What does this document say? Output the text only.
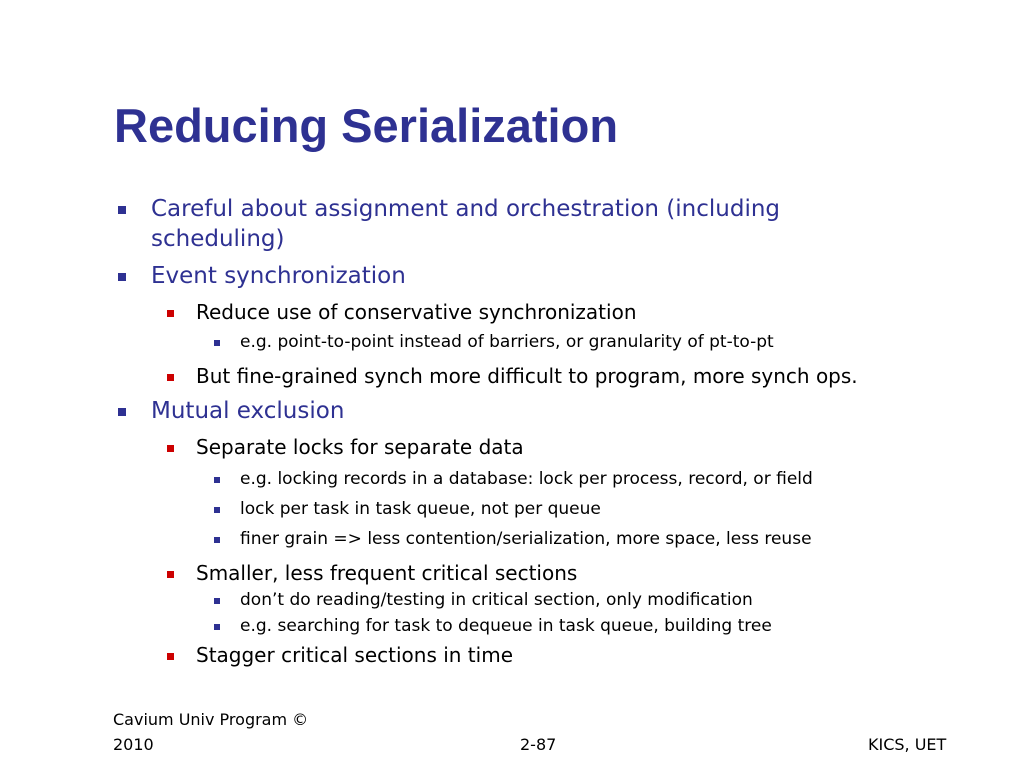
Reducing Serialization
Careful about assignment and orchestration (including
scheduling)
Event synchronization
Reduce use of conservative synchronization
e.g. point-to-point instead of barriers, or granularity of pt-to-pt
But fine-grained synch more difficult to program, more synch ops.
Mutual exclusion
Separate locks for separate data
e.g. locking records in a database: lock per process, record, or field
lock per task in task queue, not per queue
finer grain => less contention/serialization, more space, less reuse
Smaller, less frequent critical sections
don’t do reading/testing in critical section, only modification
e.g. searching for task to dequeue in task queue, building tree
Stagger critical sections in time
Cavium Univ Program ©
2010	2-87	KICS, UET
